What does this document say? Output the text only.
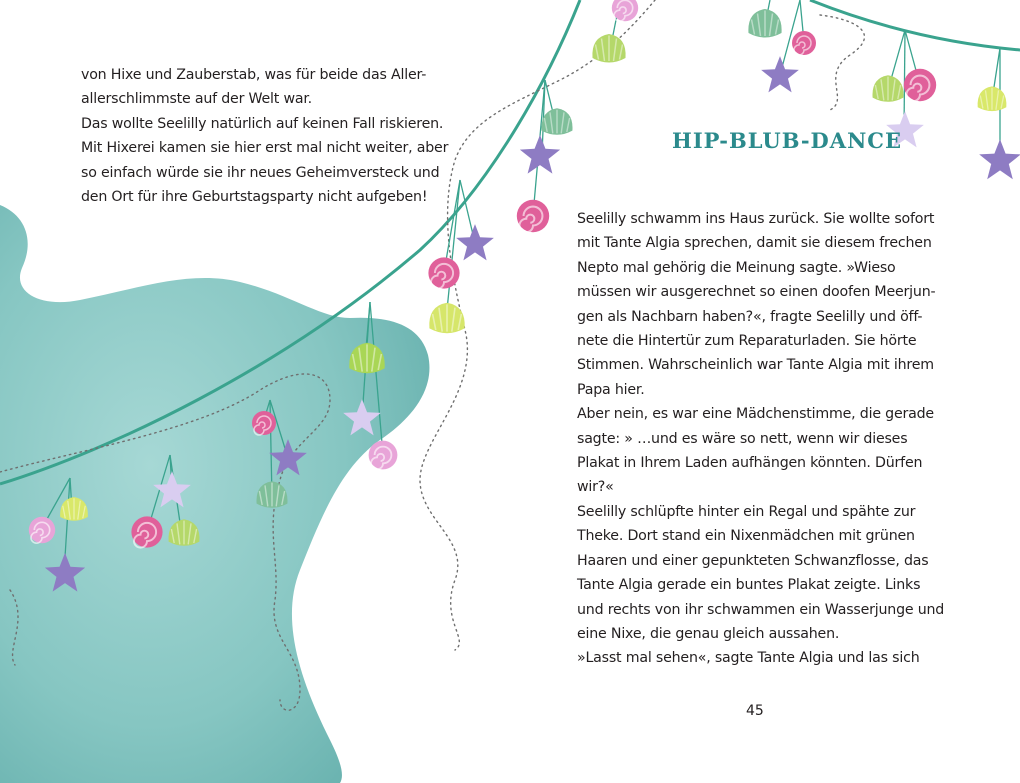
von Hixe und Zauberstab, was für beide das Aller-
allerschlimmste auf der Welt war.
Das wollte Seelilly natürlich auf keinen Fall riskieren.
Mit Hixerei kamen sie hier erst mal nicht weiter, aber
so einfach würde sie ihr neues Geheimversteck und
den Ort für ihre Geburtstagsparty nicht aufgeben!
HIP-BLUB-DANCE
Seelilly schwamm ins Haus zurück. Sie wollte sofort
mit Tante Algia sprechen, damit sie diesem frechen
Nepto mal gehörig die Meinung sagte. »Wieso
müssen wir ausgerechnet so einen doofen Meerjun-
gen als Nachbarn haben?«, fragte Seelilly und öff-
nete die Hintertür zum Reparaturladen. Sie hörte
Stimmen. Wahrscheinlich war Tante Algia mit ihrem
Papa hier.
Aber nein, es war eine Mädchenstimme, die gerade
sagte: » …und es wäre so nett, wenn wir dieses
Plakat in Ihrem Laden aufhängen könnten. Dürfen
wir?«
Seelilly schlüpfte hinter ein Regal und spähte zur
Theke. Dort stand ein Nixenmädchen mit grünen
Haaren und einer gepunkteten Schwanzflosse, das
Tante Algia gerade ein buntes Plakat zeigte. Links
und rechts von ihr schwammen ein Wasserjunge und
eine Nixe, die genau gleich aussahen.
»Lasst mal sehen«, sagte Tante Algia und las sich
45
